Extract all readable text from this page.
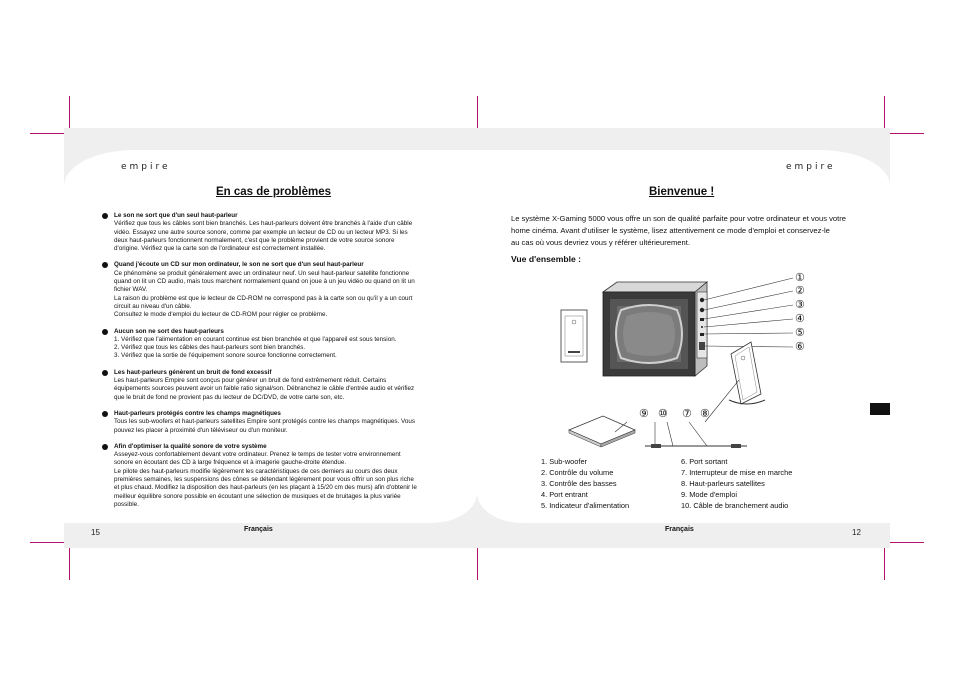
empire	empire
En cas de problèmes
Le son ne sort que d'un seul haut-parleur
Vérifiez que tous les câbles sont bien branchés. Les haut-parleurs doivent être branchés à l'aide d'un câble
vidéo. Essayez une autre source sonore, comme par exemple un lecteur de CD ou un lecteur MP3. Si les
deux haut-parleurs fonctionnent normalement, c'est que le problème provient de votre source sonore
d'origine. Vérifiez que la carte son de l'ordinateur est correctement installée.
Quand j'écoute un CD sur mon ordinateur, le son ne sort que d'un seul haut-parleur
Ce phénomène se produit généralement avec un ordinateur neuf. Un seul haut-parleur satellite fonctionne
quand on lit un CD audio, mais tous marchent normalement quand on joue à un jeu vidéo ou quand on lit un
fichier WAV.
La raison du problème est que le lecteur de CD-ROM ne correspond pas à la carte son ou qu'il y a un court
circuit au niveau d'un câble.
Consultez le mode d'emploi du lecteur de CD-ROM pour régler ce problème.
Aucun son ne sort des haut-parleurs
1. Vérifiez que l'alimentation en courant continue est bien branchée et que l'appareil est sous tension.
2. Vérifiez que tous les câbles des haut-parleurs sont bien branchés.
3. Vérifiez que la sortie de l'équipement sonore source fonctionne correctement.
Les haut-parleurs génèrent un bruit de fond excessif
Les haut-parleurs Empire sont conçus pour générer un bruit de fond extrêmement réduit. Certains
équipements sources peuvent avoir un faible ratio signal/son. Débranchez le câble d'entrée audio et vérifiez
que le bruit de fond ne provient pas du lecteur de DC/DVD, de votre carte son, etc.
Haut-parleurs protégés contre les champs magnétiques
Tous les sub-woofers et haut-parleurs satellites Empire sont protégés contre les champs magnétiques. Vous
pouvez les placer à proximité d'un téléviseur ou d'un moniteur.
Afin d'optimiser la qualité sonore de votre système
Asseyez-vous confortablement devant votre ordinateur. Prenez le temps de tester votre environnement
sonore en écoutant des CD à large fréquence et à imagerie gauche-droite étendue.
Le pilote des haut-parleurs modifie légèrement les caractéristiques de ces derniers au cours des deux
premières semaines, les suspensions des cônes se détendant légèrement pour vous offrir un son plus riche
et plus chaud. Modifiez la disposition des haut-parleurs (en les plaçant à 15/20 cm des murs) afin d'obtenir le
meilleur équilibre sonore possible en écoutant une sélection de musiques et de bruitages la plus variée
possible.
15	Français
Bienvenue !
Le système X-Gaming 5000 vous offre un son de qualité parfaite pour votre ordinateur et vous votre
home cinéma. Avant d'utiliser le système, lisez attentivement ce mode d'emploi et conservez-le
au cas où vous devriez vous y référer ultérieurement.
Vue d'ensemble :
①
②
③
④
⑤
⑥
⑨ ⑩ ⑦ ⑧
1. Sub-woofer
2. Contrôle du volume
3. Contrôle des basses
4. Port entrant
5. Indicateur d'alimentation
6. Port sortant
7. Interrupteur de mise en marche
8. Haut-parleurs satellites
9. Mode d'emploi
10. Câble de branchement audio
Français	12
